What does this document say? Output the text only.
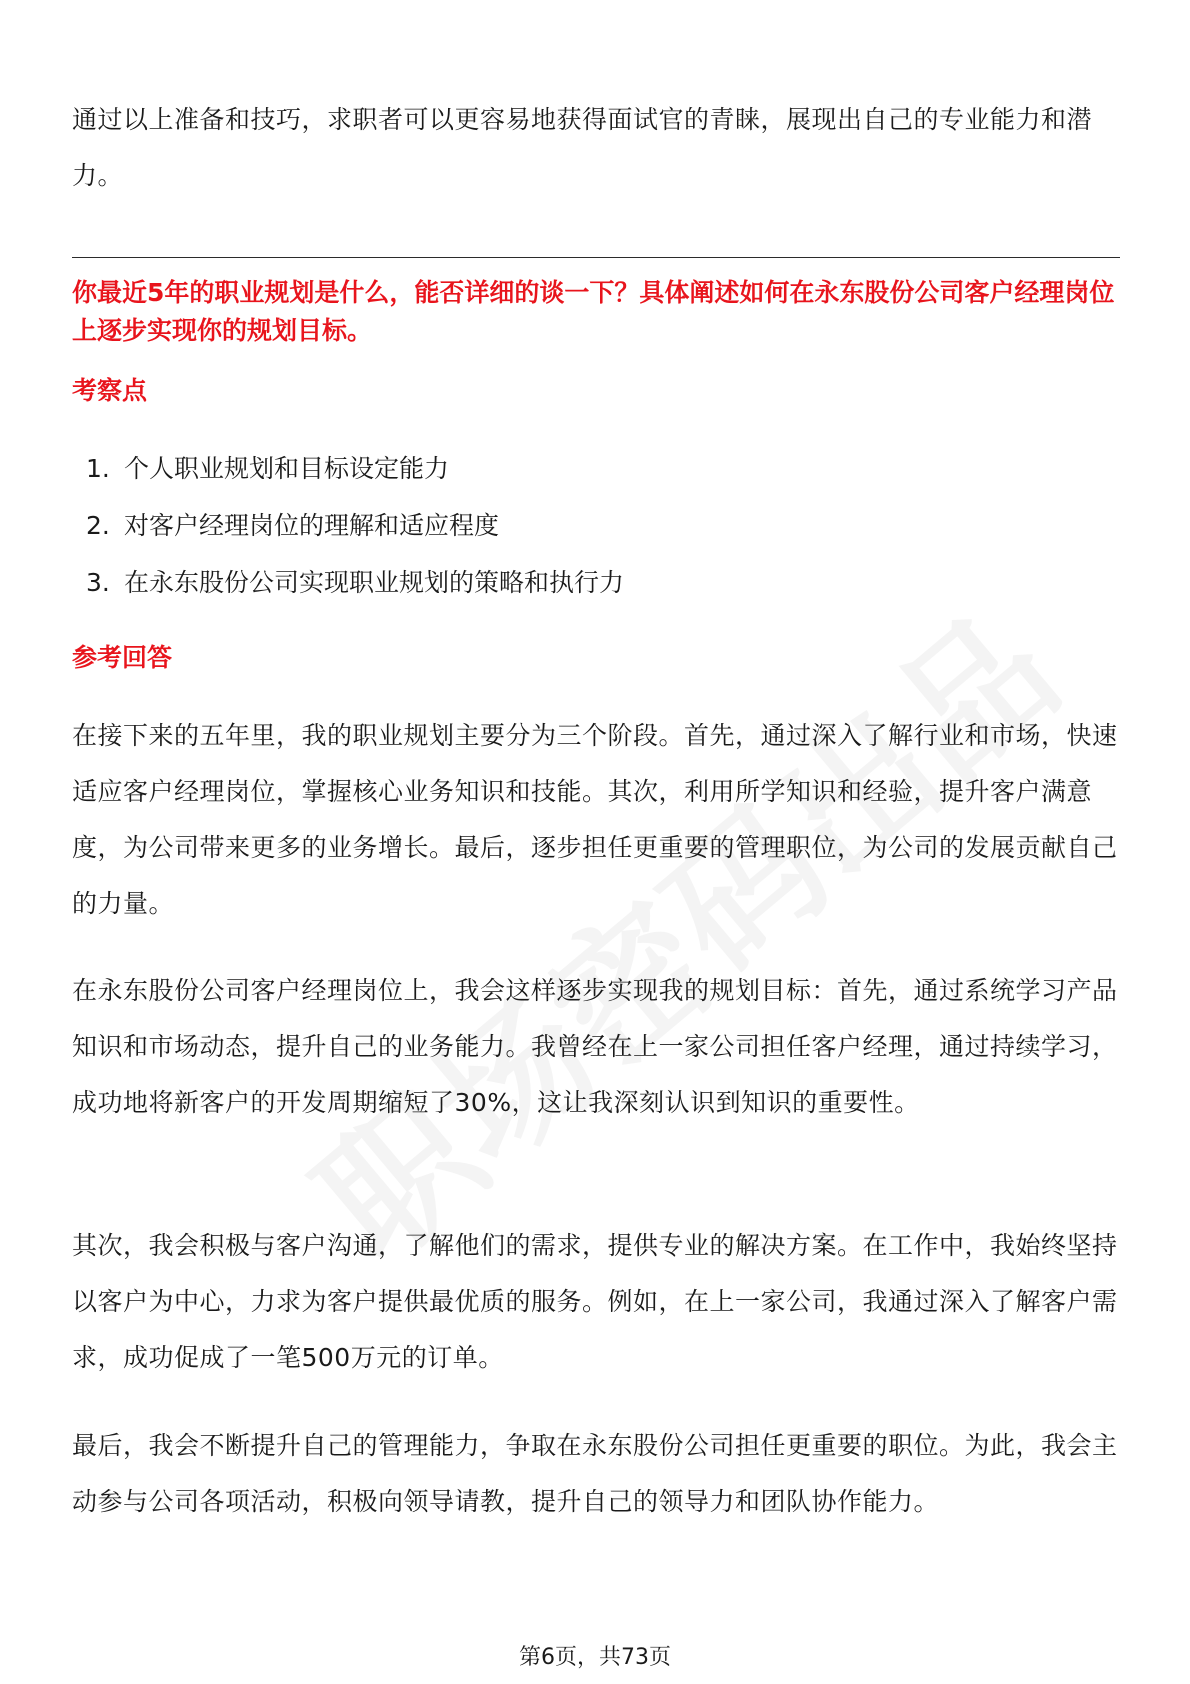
通过以上准备和技巧，求职者可以更容易地获得面试官的青睐，展现出自己的专业能力和潜力。

你最近5年的职业规划是什么，能否详细的谈一下？具体阐述如何在永东股份公司客户经理岗位上逐步实现你的规划目标。

考察点

1. 个人职业规划和目标设定能力
2. 对客户经理岗位的理解和适应程度
3. 在永东股份公司实现职业规划的策略和执行力

参考回答

在接下来的五年里，我的职业规划主要分为三个阶段。首先，通过深入了解行业和市场，快速适应客户经理岗位，掌握核心业务知识和技能。其次，利用所学知识和经验，提升客户满意度，为公司带来更多的业务增长。最后，逐步担任更重要的管理职位，为公司的发展贡献自己的力量。

在永东股份公司客户经理岗位上，我会这样逐步实现我的规划目标：首先，通过系统学习产品知识和市场动态，提升自己的业务能力。我曾经在上一家公司担任客户经理，通过持续学习，成功地将新客户的开发周期缩短了30%，这让我深刻认识到知识的重要性。

其次，我会积极与客户沟通，了解他们的需求，提供专业的解决方案。在工作中，我始终坚持以客户为中心，力求为客户提供最优质的服务。例如，在上一家公司，我通过深入了解客户需求，成功促成了一笔500万元的订单。

最后，我会不断提升自己的管理能力，争取在永东股份公司担任更重要的职位。为此，我会主动参与公司各项活动，积极向领导请教，提升自己的领导力和团队协作能力。

第6页，共73页
